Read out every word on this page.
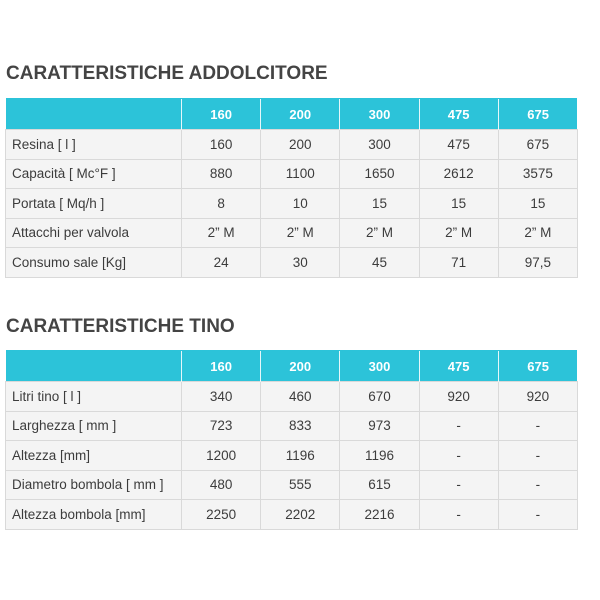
CARATTERISTICHE ADDOLCITORE
	160	200	300	475	675
Resina [ l ]	160	200	300	475	675
Capacità [ Mc°F ]	880	1100	1650	2612	3575
Portata [ Mq/h ]	8	10	15	15	15
Attacchi per valvola	2” M	2” M	2” M	2” M	2” M
Consumo sale [Kg]	24	30	45	71	97,5
CARATTERISTICHE TINO
	160	200	300	475	675
Litri tino [ l ]	340	460	670	920	920
Larghezza [ mm ]	723	833	973	-	-
Altezza [mm]	1200	1196	1196	-	-
Diametro bombola [ mm ]	480	555	615	-	-
Altezza bombola [mm]	2250	2202	2216	-	-
